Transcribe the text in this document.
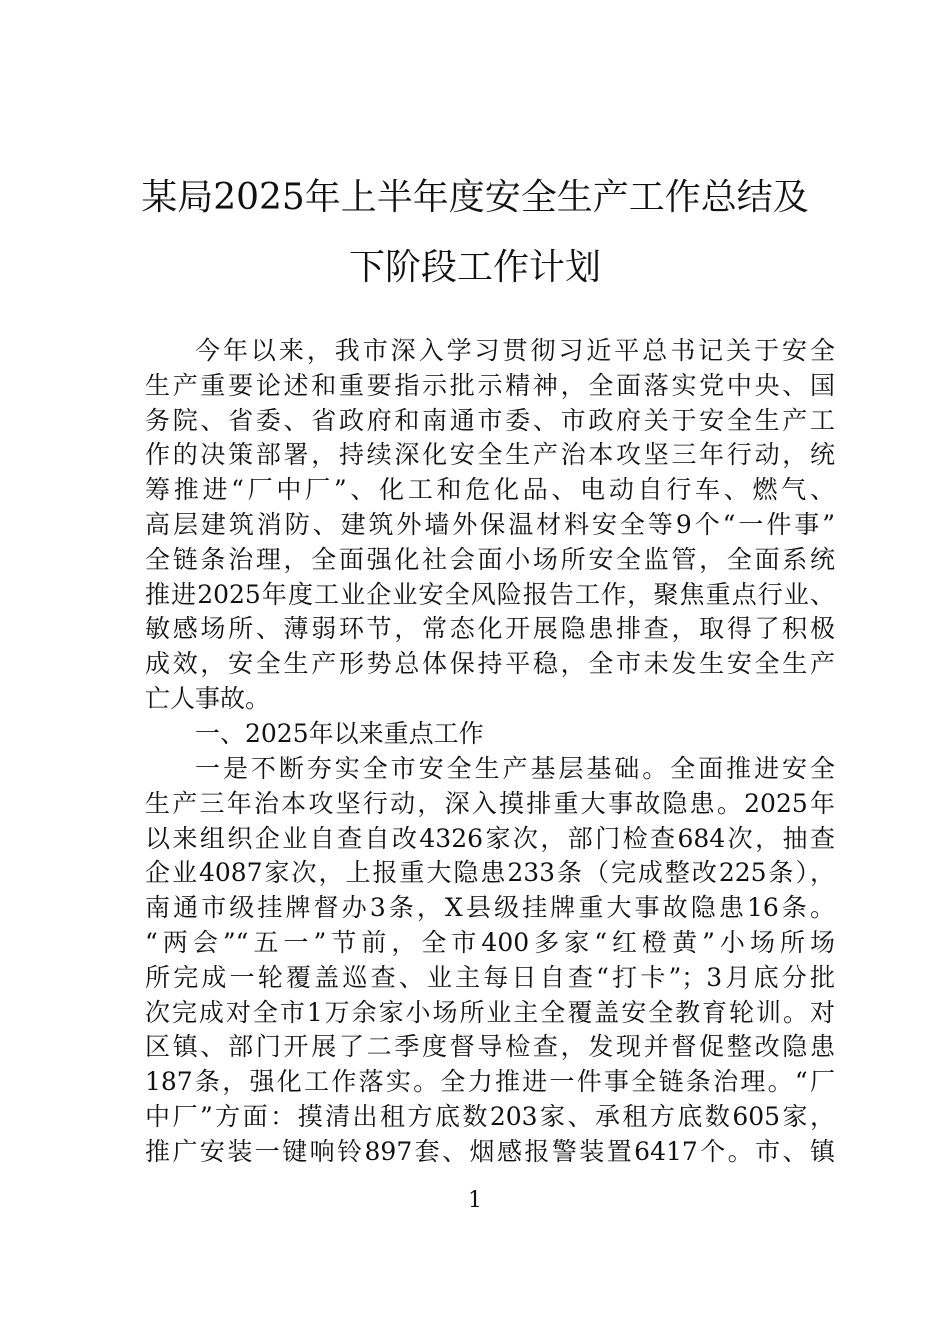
某局2025年上半年度安全生产工作总结及
下阶段工作计划
今年以来，我市深入学习贯彻习近平总书记关于安全
生产重要论述和重要指示批示精神，全面落实党中央、国
务院、省委、省政府和南通市委、市政府关于安全生产工
作的决策部署，持续深化安全生产治本攻坚三年行动，统
筹推进“厂中厂”、化工和危化品、电动自行车、燃气、
高层建筑消防、建筑外墙外保温材料安全等9个“一件事”
全链条治理，全面强化社会面小场所安全监管，全面系统
推进2025年度工业企业安全风险报告工作，聚焦重点行业、
敏感场所、薄弱环节，常态化开展隐患排查，取得了积极
成效，安全生产形势总体保持平稳，全市未发生安全生产
亡人事故。
一、2025年以来重点工作
一是不断夯实全市安全生产基层基础。全面推进安全
生产三年治本攻坚行动，深入摸排重大事故隐患。2025年
以来组织企业自查自改4326家次，部门检查684次，抽查
企业4087家次，上报重大隐患233条（完成整改225条），
南通市级挂牌督办3条，X县级挂牌重大事故隐患16条。
“两会”“五一”节前，全市400多家“红橙黄”小场所场
所完成一轮覆盖巡查、业主每日自查“打卡”；3月底分批
次完成对全市1万余家小场所业主全覆盖安全教育轮训。对
区镇、部门开展了二季度督导检查，发现并督促整改隐患
187条，强化工作落实。全力推进一件事全链条治理。“厂
中厂”方面：摸清出租方底数203家、承租方底数605家，
推广安装一键响铃897套、烟感报警装置6417个。市、镇
1
